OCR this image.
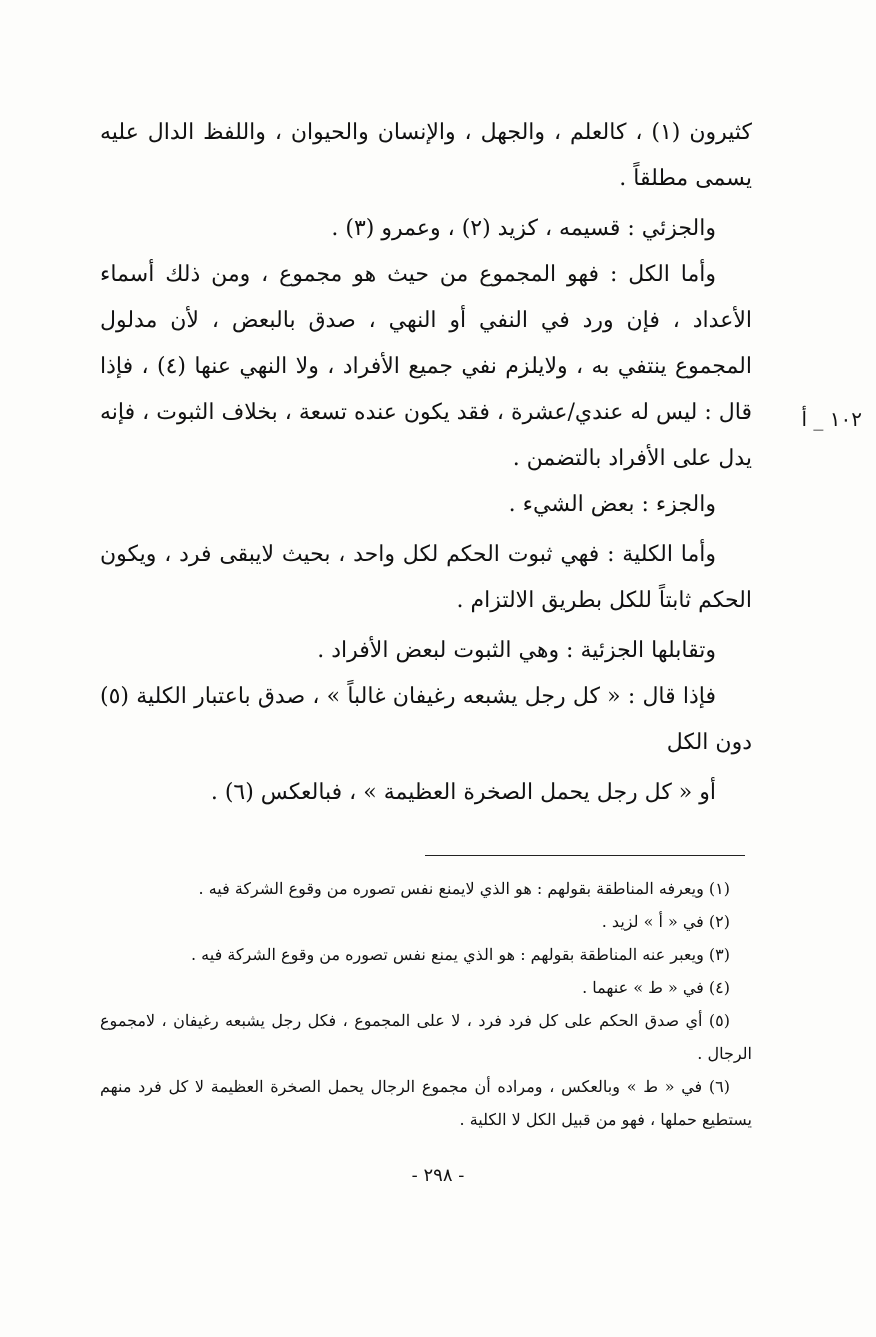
كثيرون (١) ، كالعلم ، والجهل ، والإنسان والحيوان ، واللفظ الدال عليه يسمى مطلقاً .

والجزئي : قسيمه ، كزيد (٢) ، وعمرو (٣) .

وأما الكل : فهو المجموع من حيث هو مجموع ، ومن ذلك أسماء الأعداد ، فإن ورد في النفي أو النهي ، صدق بالبعض ، لأن مدلول المجموع ينتفي به ، ولايلزم نفي جميع الأفراد ، ولا النهي عنها (٤) ، فإذا قال : ليس له عندي/عشرة ، فقد يكون عنده تسعة ، بخلاف الثبوت ، فإنه يدل على الأفراد بالتضمن .

والجزء : بعض الشيء .

وأما الكلية : فهي ثبوت الحكم لكل واحد ، بحيث لايبقى فرد ، ويكون الحكم ثابتاً للكل بطريق الالتزام .

وتقابلها الجزئية : وهي الثبوت لبعض الأفراد .

فإذا قال : « كل رجل يشبعه رغيفان غالباً » ، صدق باعتبار الكلية (٥) دون الكل

أو « كل رجل يحمل الصخرة العظيمة » ، فبالعكس (٦) .

١٠٢ _ أ

(١) ويعرفه المناطقة بقولهم : هو الذي لايمنع نفس تصوره من وقوع الشركة فيه .

(٢) في « أ » لزيد .

(٣) ويعبر عنه المناطقة بقولهم : هو الذي يمنع نفس تصوره من وقوع الشركة فيه .

(٤) في « ط » عنهما .

(٥) أي صدق الحكم على كل فرد فرد ، لا على المجموع ، فكل رجل يشبعه رغيفان ، لامجموع الرجال .

(٦) في « ط » وبالعكس ، ومراده أن مجموع الرجال يحمل الصخرة العظيمة لا كل فرد منهم يستطيع حملها ، فهو من قبيل الكل لا الكلية .

- ٢٩٨ -
